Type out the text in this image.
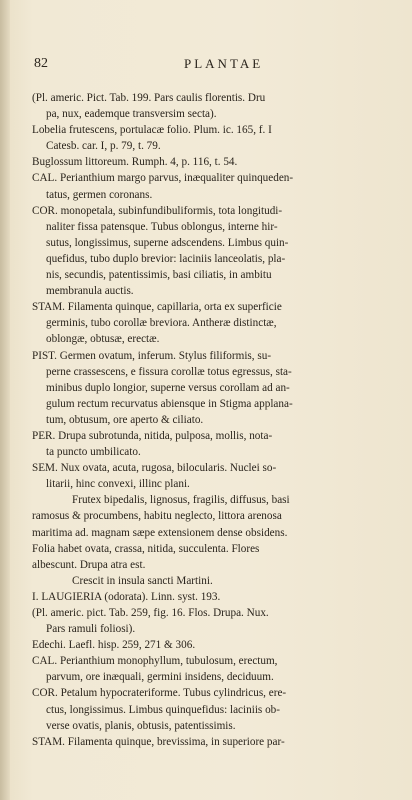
82	PLANTAE
(Pl. americ. Pict. Tab. 199. Pars caulis florentis. Dru
pa, nux, eademque transversim secta).
Lobelia frutescens, portulacæ folio. Plum. ic. 165, f. I
Catesb. car. I, p. 79, t. 79.
Buglossum littoreum. Rumph. 4, p. 116, t. 54.
CAL. Perianthium margo parvus, inæqualiter quinqueden-
tatus, germen coronans.
COR. monopetala, subinfundibuliformis, tota longitudi-
naliter fissa patensque. Tubus oblongus, interne hir-
sutus, longissimus, superne adscendens. Limbus quin-
quefidus, tubo duplo brevior: laciniis lanceolatis, pla-
nis, secundis, patentissimis, basi ciliatis, in ambitu
membranula auctis.
STAM. Filamenta quinque, capillaria, orta ex superficie
germinis, tubo corollæ breviora. Antheræ distinctæ,
oblongæ, obtusæ, erectæ.
PIST. Germen ovatum, inferum. Stylus filiformis, su-
perne crassescens, e fissura corollæ totus egressus, sta-
minibus duplo longior, superne versus corollam ad an-
gulum rectum recurvatus abiensque in Stigma applana-
tum, obtusum, ore aperto & ciliato.
PER. Drupa subrotunda, nitida, pulposa, mollis, nota-
ta puncto umbilicato.
SEM. Nux ovata, acuta, rugosa, bilocularis. Nuclei so-
litarii, hinc convexi, illinc plani.
Frutex bipedalis, lignosus, fragilis, diffusus, basi
ramosus & procumbens, habitu neglecto, littora arenosa
maritima ad. magnam sæpe extensionem dense obsidens.
Folia habet ovata, crassa, nitida, succulenta. Flores
albescunt. Drupa atra est.
Crescit in insula sancti Martini.
I. LAUGIERIA (odorata). Linn. syst. 193.
(Pl. americ. pict. Tab. 259, fig. 16. Flos. Drupa. Nux.
Pars ramuli foliosi).
Edechi. Laefl. hisp. 259, 271 & 306.
CAL. Perianthium monophyllum, tubulosum, erectum,
parvum, ore inæquali, germini insidens, deciduum.
COR. Petalum hypocrateriforme. Tubus cylindricus, ere-
ctus, longissimus. Limbus quinquefidus: laciniis ob-
verse ovatis, planis, obtusis, patentissimis.
STAM. Filamenta quinque, brevissima, in superiore par-
